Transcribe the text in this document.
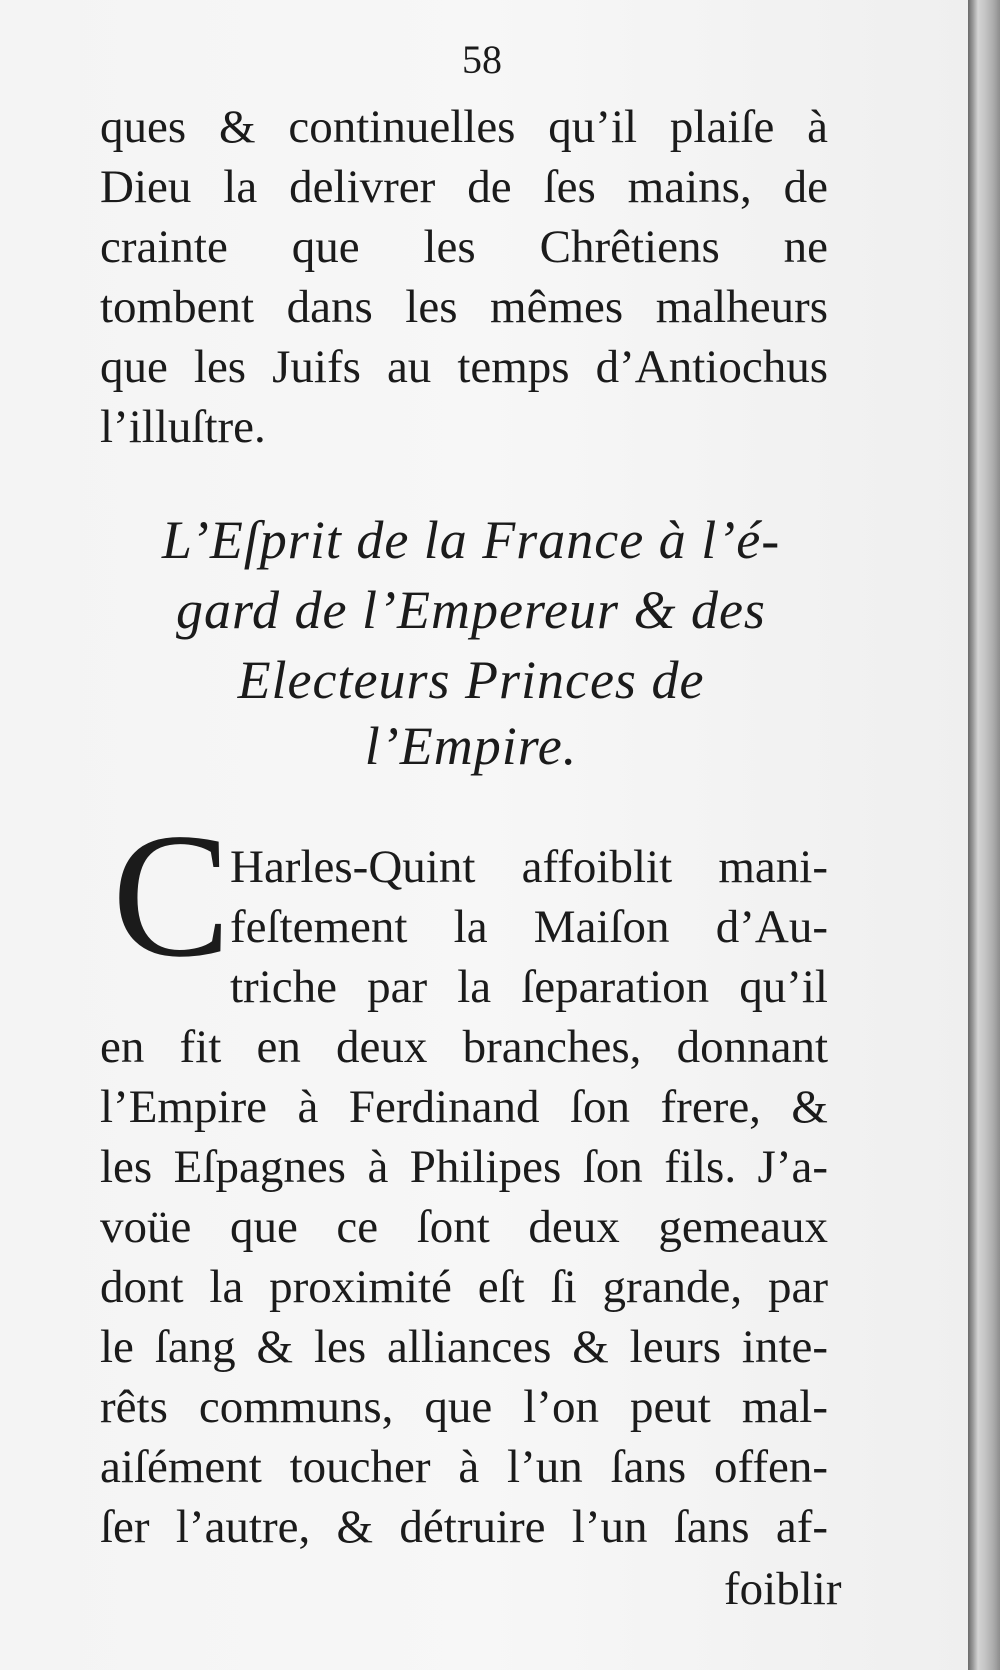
58
ques & continuelles qu’il plaiſe à
Dieu la delivrer de ſes mains, de
crainte que les Chrêtiens ne
tombent dans les mêmes malheurs
que les Juifs au temps d’Antiochus
l’illuſtre.
L’Eſprit de la France à l’é-
gard de l’Empereur & des
Electeurs Princes de
l’Empire.
C Harles-Quint affoiblit mani-
feſtement la Maiſon d’Au-
triche par la ſeparation qu’il
en fit en deux branches, donnant
l’Empire à Ferdinand ſon frere, &
les Eſpagnes à Philipes ſon fils. J’a-
voüe que ce ſont deux gemeaux
dont la proximité eſt ſi grande, par
le ſang & les alliances & leurs inte-
rêts communs, que l’on peut mal-
aiſément toucher à l’un ſans offen-
ſer l’autre, & détruire l’un ſans af-
foiblir
